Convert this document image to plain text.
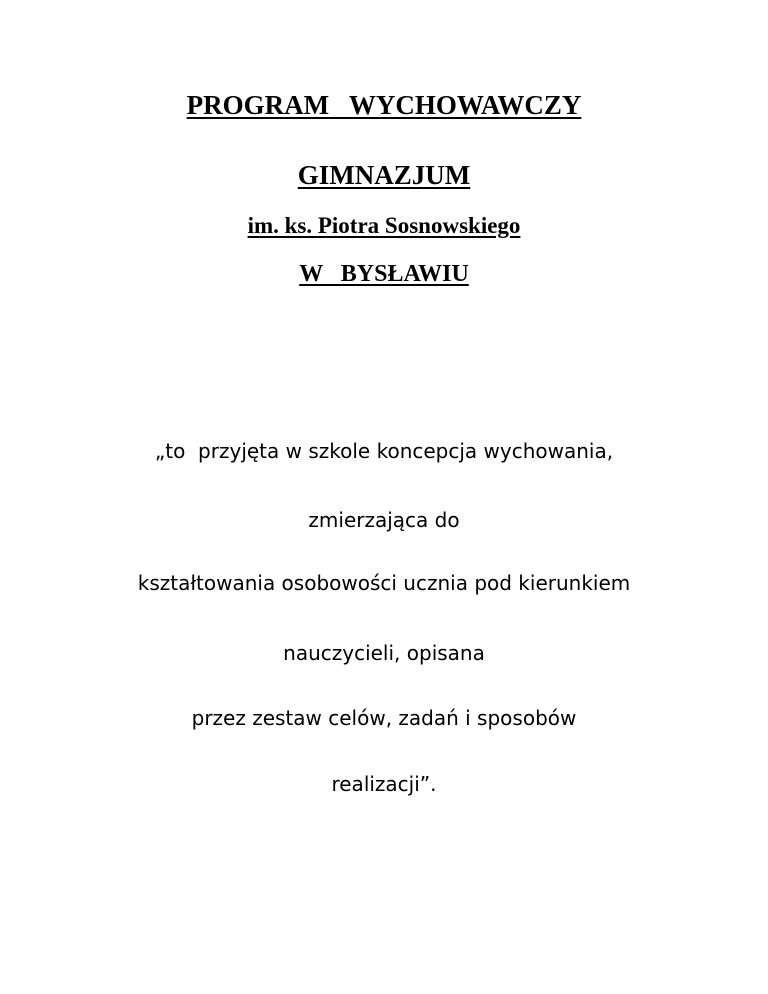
PROGRAM   WYCHOWAWCZY
GIMNAZJUM
im. ks. Piotra Sosnowskiego
W   BYSŁAWIU

„to  przyjęta w szkole koncepcja wychowania,

zmierzająca do

kształtowania osobowości ucznia pod kierunkiem

nauczycieli, opisana

przez zestaw celów, zadań i sposobów

realizacji”.
